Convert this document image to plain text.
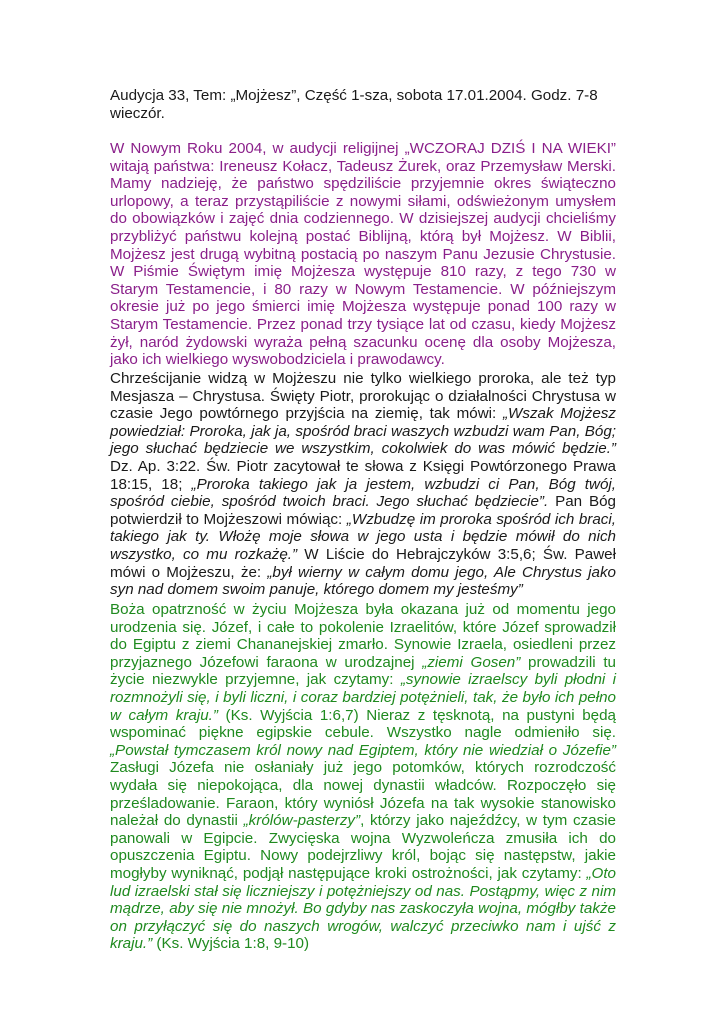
Audycja 33, Tem: „Mojżesz”, Część 1-sza, sobota 17.01.2004. Godz. 7-8 wieczór.

W Nowym Roku 2004, w audycji religijnej „WCZORAJ DZIŚ I NA WIEKI” witają państwa: Ireneusz Kołacz, Tadeusz Żurek, oraz Przemysław Merski. Mamy nadzieję, że państwo spędziliście przyjemnie okres świąteczno urlopowy, a teraz przystąpiliście z nowymi siłami, odświeżonym umysłem do obowiązków i zajęć dnia codziennego. W dzisiejszej audycji chcieliśmy przybliżyć państwu kolejną postać Biblijną, którą był Mojżesz. W Biblii, Mojżesz jest drugą wybitną postacią po naszym Panu Jezusie Chrystusie. W Piśmie Świętym imię Mojżesza występuje 810 razy, z tego 730 w Starym Testamencie, i 80 razy w Nowym Testamencie. W późniejszym okresie już po jego śmierci imię Mojżesza występuje ponad 100 razy w Starym Testamencie. Przez ponad trzy tysiące lat od czasu, kiedy Mojżesz żył, naród żydowski wyraża pełną szacunku ocenę dla osoby Mojżesza, jako ich wielkiego wyswobodziciela i prawodawcy.

Chrześcijanie widzą w Mojżeszu nie tylko wielkiego proroka, ale też typ Mesjasza – Chrystusa. Święty Piotr, prorokując o działalności Chrystusa w czasie Jego powtórnego przyjścia na ziemię, tak mówi: „Wszak Mojżesz powiedział: Proroka, jak ja, spośród braci waszych wzbudzi wam Pan, Bóg; jego słuchać będziecie we wszystkim, cokolwiek do was mówić będzie.” Dz. Ap. 3:22. Św. Piotr zacytował te słowa z Księgi Powtórzonego Prawa 18:15, 18; „Proroka takiego jak ja jestem, wzbudzi ci Pan, Bóg twój, spośród ciebie, spośród twoich braci. Jego słuchać będziecie”. Pan Bóg potwierdził to Mojżeszowi mówiąc: „Wzbudzę im proroka spośród ich braci, takiego jak ty. Włożę moje słowa w jego usta i będzie mówił do nich wszystko, co mu rozkażę.” W Liście do Hebrajczyków 3:5,6; Św. Paweł mówi o Mojżeszu, że: „był wierny w całym domu jego, Ale Chrystus jako syn nad domem swoim panuje, którego domem my jesteśmy”

Boża opatrzność w życiu Mojżesza była okazana już od momentu jego urodzenia się. Józef, i całe to pokolenie Izraelitów, które Józef sprowadził do Egiptu z ziemi Chananejskiej zmarło. Synowie Izraela, osiedleni przez przyjaznego Józefowi faraona w urodzajnej „ziemi Gosen” prowadzili tu życie niezwykle przyjemne, jak czytamy: „synowie izraelscy byli płodni i rozmnożyli się, i byli liczni, i coraz bardziej potężnieli, tak, że było ich pełno w całym kraju.” (Ks. Wyjścia 1:6,7) Nieraz z tęsknotą, na pustyni będą wspominać piękne egipskie cebule. Wszystko nagle odmieniło się. „Powstał tymczasem król nowy nad Egiptem, który nie wiedział o Józefie” Zasługi Józefa nie osłaniały już jego potomków, których rozrodczość wydała się niepokojąca, dla nowej dynastii władców. Rozpoczęło się prześladowanie. Faraon, który wyniósł Józefa na tak wysokie stanowisko należał do dynastii „królów-pasterzy”, którzy jako najeźdźcy, w tym czasie panowali w Egipcie. Zwycięska wojna Wyzwoleńcza zmusiła ich do opuszczenia Egiptu. Nowy podejrzliwy król, bojąc się następstw, jakie mogłyby wyniknąć, podjął następujące kroki ostrożności, jak czytamy: „Oto lud izraelski stał się liczniejszy i potężniejszy od nas. Postąpmy, więc z nim mądrze, aby się nie mnożył. Bo gdyby nas zaskoczyła wojna, mógłby także on przyłączyć się do naszych wrogów, walczyć przeciwko nam i ujść z kraju.” (Ks. Wyjścia 1:8, 9-10)
